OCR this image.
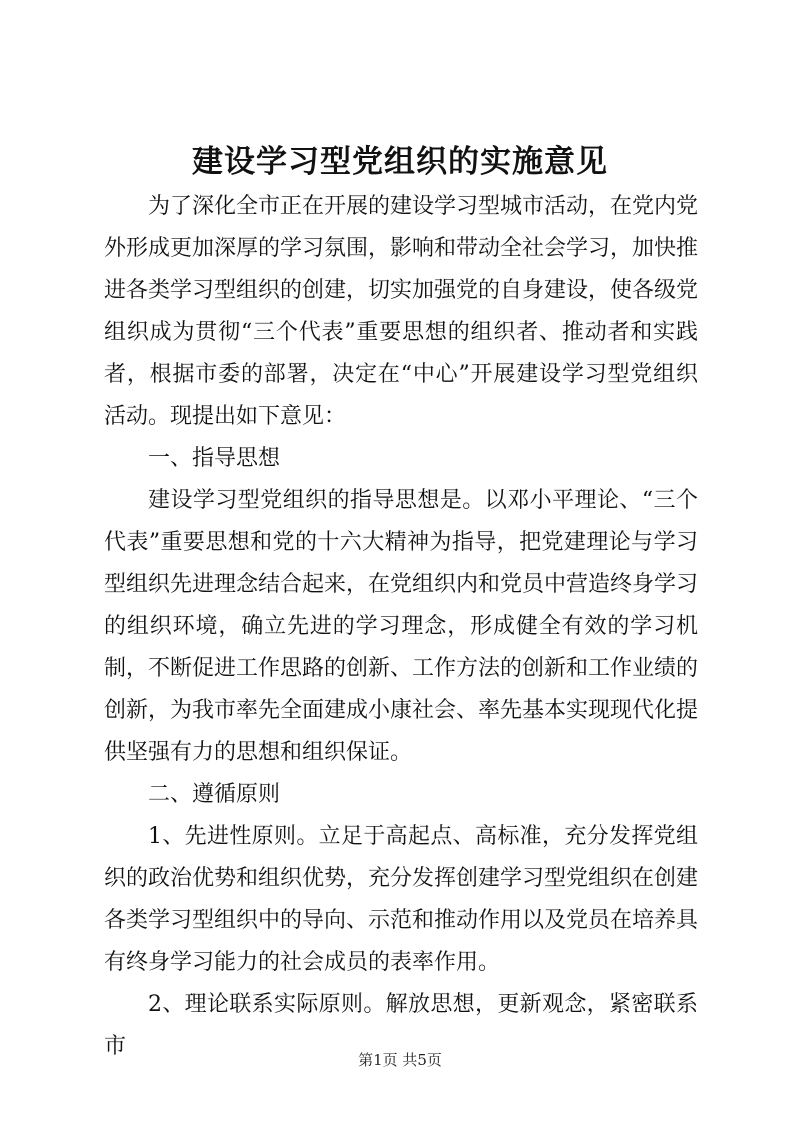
建设学习型党组织的实施意见

为了深化全市正在开展的建设学习型城市活动，在党内党外形成更加深厚的学习氛围，影响和带动全社会学习，加快推进各类学习型组织的创建，切实加强党的自身建设，使各级党组织成为贯彻“三个代表”重要思想的组织者、推动者和实践者，根据市委的部署，决定在“中心”开展建设学习型党组织活动。现提出如下意见：

一、指导思想

建设学习型党组织的指导思想是。以邓小平理论、“三个代表”重要思想和党的十六大精神为指导，把党建理论与学习型组织先进理念结合起来，在党组织内和党员中营造终身学习的组织环境，确立先进的学习理念，形成健全有效的学习机制，不断促进工作思路的创新、工作方法的创新和工作业绩的创新，为我市率先全面建成小康社会、率先基本实现现代化提供坚强有力的思想和组织保证。

二、遵循原则

1、先进性原则。立足于高起点、高标准，充分发挥党组织的政治优势和组织优势，充分发挥创建学习型党组织在创建各类学习型组织中的导向、示范和推动作用以及党员在培养具有终身学习能力的社会成员的表率作用。

2、理论联系实际原则。解放思想，更新观念，紧密联系市

第1页 共5页
